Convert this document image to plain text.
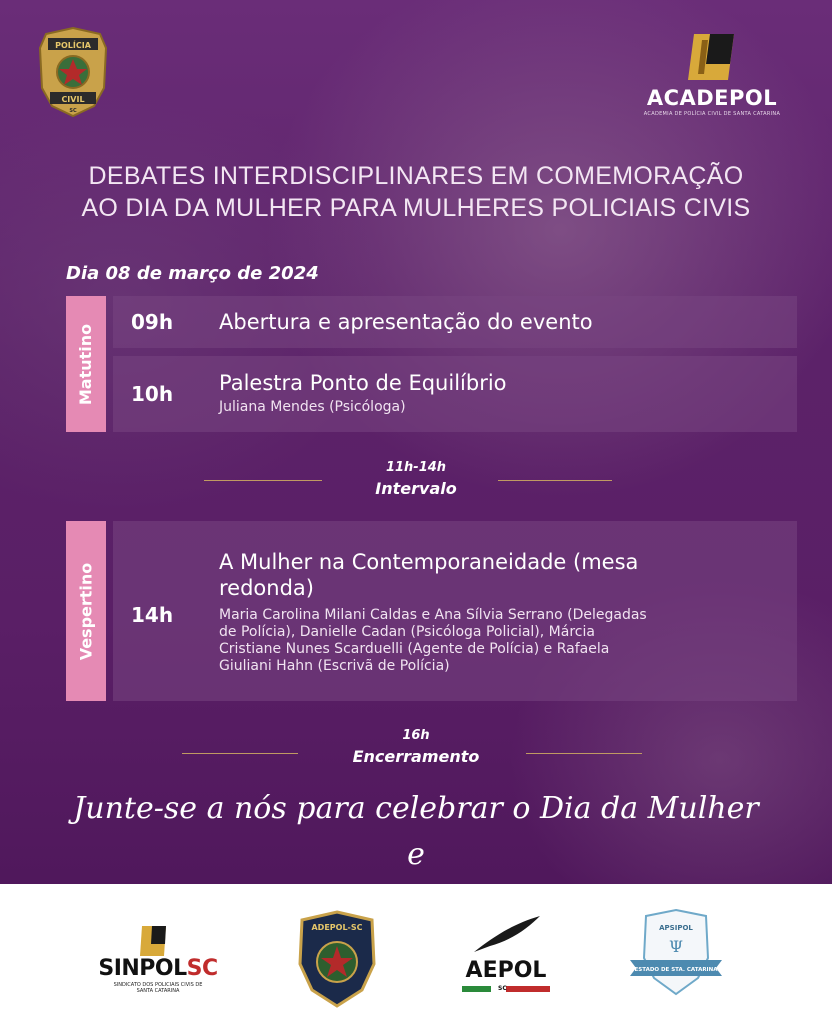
POLÍCIA
CIVIL
SC
ACADEPOL
ACADEMIA DE POLÍCIA CIVIL DE SANTA CATARINA
DEBATES INTERDISCIPLINARES EM COMEMORAÇÃO
AO DIA DA MULHER PARA MULHERES POLICIAIS CIVIS
Dia 08 de março de 2024
Matutino
09h Abertura e apresentação do evento
10h Palestra Ponto de Equilíbrio
Juliana Mendes (Psicóloga)
11h-14h
Intervalo
Vespertino 14h
A Mulher na Contemporaneidade (mesa
redonda)
Maria Carolina Milani Caldas e Ana Sílvia Serrano (Delegadas
de Polícia), Danielle Cadan (Psicóloga Policial), Márcia
Cristiane Nunes Scarduelli (Agente de Polícia) e Rafaela
Giuliani Hahn (Escrivã de Polícia)
16h
Encerramento
Junte-se a nós para celebrar o Dia da Mulher e
SINPOLSC
SINDICATO DOS POLICIAIS CIVIS DE
SANTA CATARINA
ADEPOL-SC
AEPOL
SC
APSIPOL
Ψ
ESTADO DE STA. CATARINA
